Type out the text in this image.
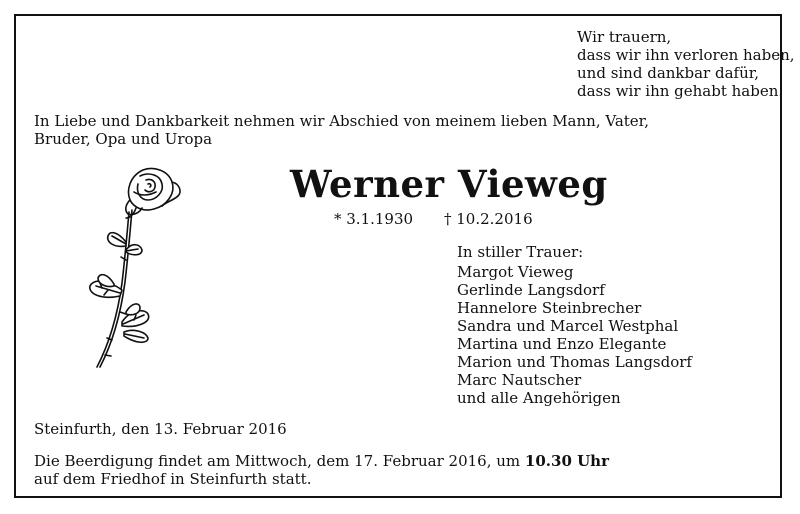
Wir trauern,
dass wir ihn verloren haben,
und sind dankbar dafür,
dass wir ihn gehabt haben.
In Liebe und Dankbarkeit nehmen wir Abschied von meinem lieben Mann, Vater,
Bruder, Opa und Uropa
Werner Vieweg
* 3.1.1930 † 10.2.2016
In stiller Trauer:
Margot Vieweg
Gerlinde Langsdorf
Hannelore Steinbrecher
Sandra und Marcel Westphal
Martina und Enzo Elegante
Marion und Thomas Langsdorf
Marc Nautscher
und alle Angehörigen
Steinfurth, den 13. Februar 2016
Die Beerdigung findet am Mittwoch, dem 17. Februar 2016, um 10.30 Uhr
auf dem Friedhof in Steinfurth statt.
